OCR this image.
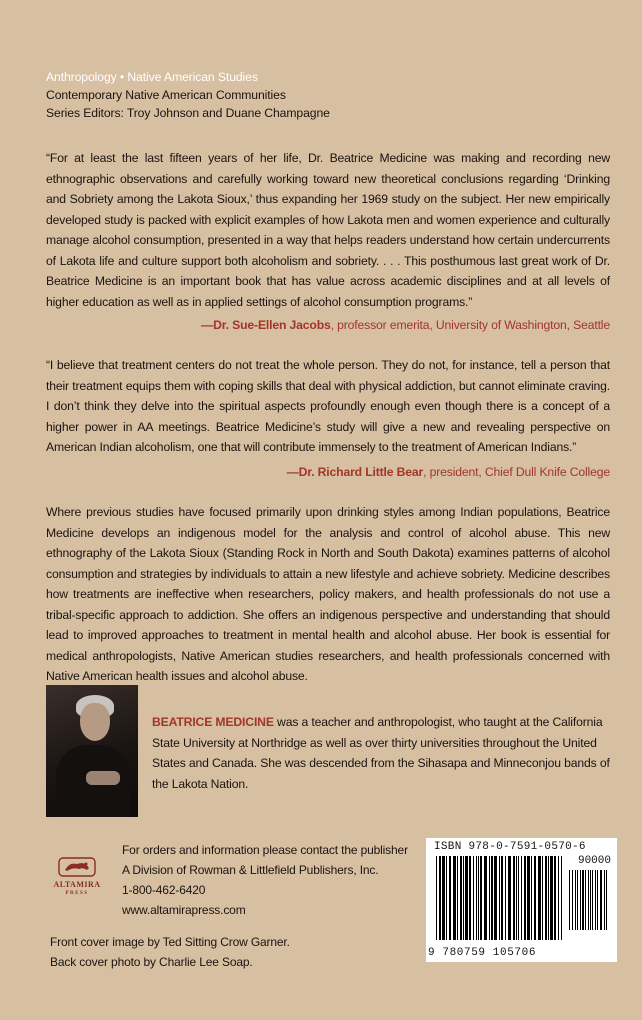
Anthropology • Native American Studies
Contemporary Native American Communities
Series Editors: Troy Johnson and Duane Champagne
“For at least the last fifteen years of her life, Dr. Beatrice Medicine was making and recording new ethnographic observations and carefully working toward new theoretical conclusions regarding ‘Drinking and Sobriety among the Lakota Sioux,’ thus expanding her 1969 study on the subject. Her new empirically developed study is packed with explicit examples of how Lakota men and women experience and culturally manage alcohol consumption, presented in a way that helps readers understand how certain undercurrents of Lakota life and culture support both alcoholism and sobriety. . . . This posthumous last great work of Dr. Beatrice Medicine is an important book that has value across academic disciplines and at all levels of higher education as well as in applied settings of alcohol consumption programs.”
—Dr. Sue-Ellen Jacobs, professor emerita, University of Washington, Seattle
“I believe that treatment centers do not treat the whole person. They do not, for instance, tell a person that their treatment equips them with coping skills that deal with physical addiction, but cannot eliminate craving. I don’t think they delve into the spiritual aspects profoundly enough even though there is a concept of a higher power in AA meetings. Beatrice Medicine’s study will give a new and revealing perspective on American Indian alcoholism, one that will contribute immensely to the treatment of American Indians.”
—Dr. Richard Little Bear, president, Chief Dull Knife College
Where previous studies have focused primarily upon drinking styles among Indian populations, Beatrice Medicine develops an indigenous model for the analysis and control of alcohol abuse. This new ethnography of the Lakota Sioux (Standing Rock in North and South Dakota) examines patterns of alcohol consumption and strategies by individuals to attain a new lifestyle and achieve sobriety. Medicine describes how treatments are ineffective when researchers, policy makers, and health professionals do not use a tribal-specific approach to addiction. She offers an indigenous perspective and understanding that should lead to improved approaches to treatment in mental health and alcohol abuse. Her book is essential for medical anthropologists, Native American studies researchers, and health professionals concerned with Native American health issues and alcohol abuse.
BEATRICE MEDICINE was a teacher and anthropologist, who taught at the California State University at Northridge as well as over thirty universities throughout the United States and Canada. She was descended from the Sihasapa and Minneconjou bands of the Lakota Nation.
ALTAMIRA
PRESS
For orders and information please contact the publisher
A Division of Rowman & Littlefield Publishers, Inc.
1-800-462-6420
www.altamirapress.com
Front cover image by Ted Sitting Crow Garner.
Back cover photo by Charlie Lee Soap.
ISBN 978-0-7591-0570-6
90000
9 780759 105706
